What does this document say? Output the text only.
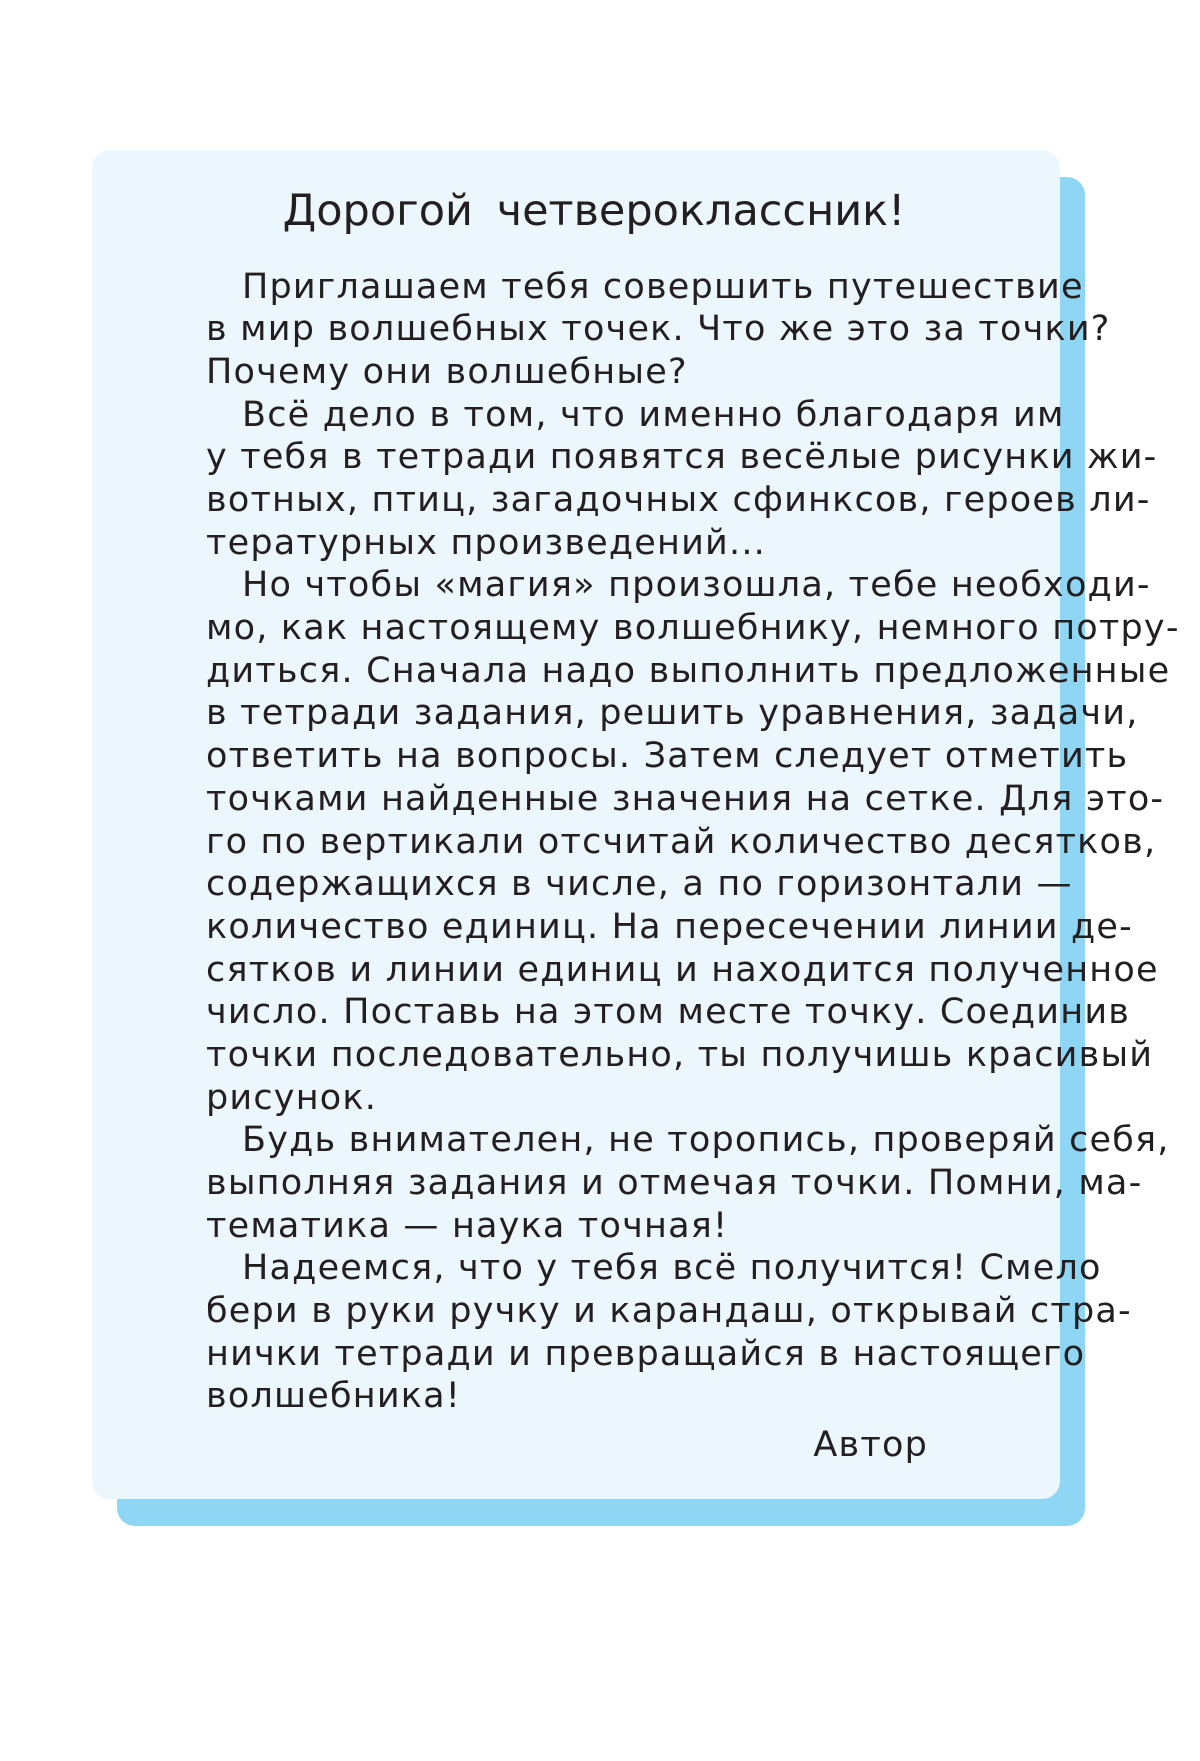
Дорогой четвероклассник!
Приглашаем тебя совершить путешествие
в мир волшебных точек. Что же это за точки?
Почему они волшебные?
Всё дело в том, что именно благодаря им
у тебя в тетради появятся весёлые рисунки жи-
вотных, птиц, загадочных сфинксов, героев ли-
тературных произведений...
Но чтобы «магия» произошла, тебе необходи-
мо, как настоящему волшебнику, немного потру-
диться. Сначала надо выполнить предложенные
в тетради задания, решить уравнения, задачи,
ответить на вопросы. Затем следует отметить
точками найденные значения на сетке. Для это-
го по вертикали отсчитай количество десятков,
содержащихся в числе, а по горизонтали —
количество единиц. На пересечении линии де-
сятков и линии единиц и находится полученное
число. Поставь на этом месте точку. Соединив
точки последовательно, ты получишь красивый
рисунок.
Будь внимателен, не торопись, проверяй себя,
выполняя задания и отмечая точки. Помни, ма-
тематика — наука точная!
Надеемся, что у тебя всё получится! Смело
бери в руки ручку и карандаш, открывай стра-
нички тетради и превращайся в настоящего
волшебника!
Автор
